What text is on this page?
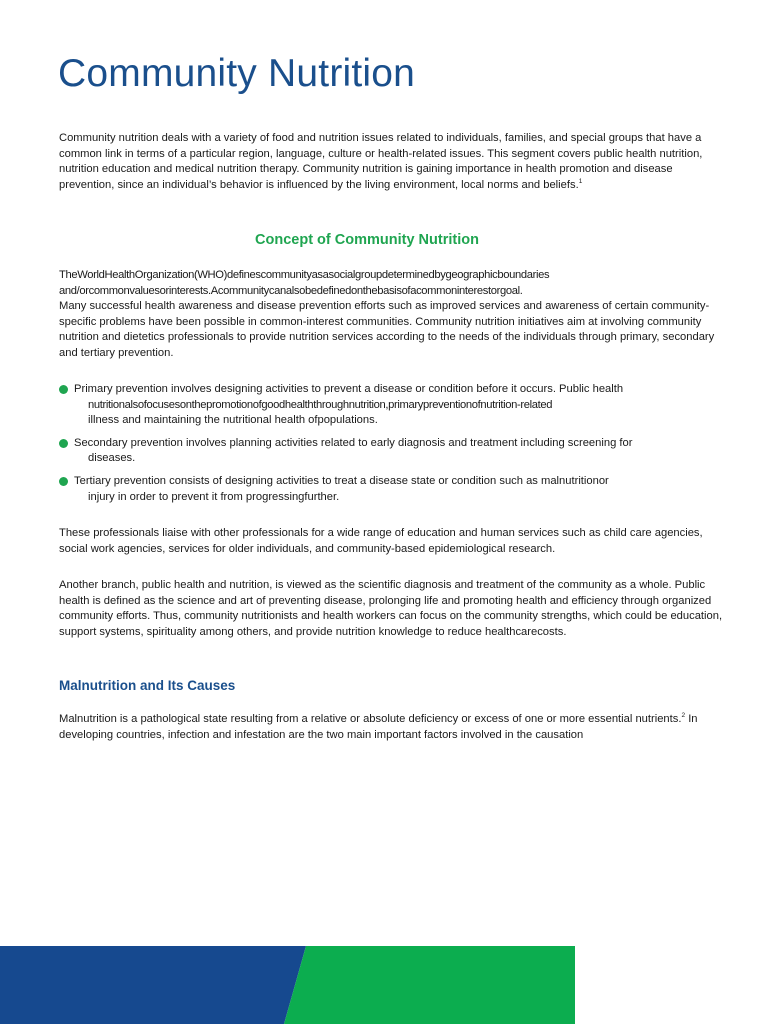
Community Nutrition

Community nutrition deals with a variety of food and nutrition issues related to individuals, families, and special groups that have a common link in terms of a particular region, language, culture or health-related issues. This segment covers public health nutrition, nutrition education and medical nutrition therapy. Community nutrition is gaining importance in health promotion and disease prevention, since an individual’s behavior is influenced by the living environment, local norms and beliefs.$^1$

Concept of Community Nutrition
TheWorldHealthOrganization(WHO)definescommunityasasocialgroupdeterminedbygeographicboundaries
and/orcommonvaluesorinterests.Acommunitycanalsobedefinedonthebasisofacommoninterestorgoal.
Many successful health awareness and disease prevention efforts such as improved services and awareness of certain community-specific problems have been possible in common-interest communities. Community nutrition initiatives aim at involving community nutrition and dietetics professionals to provide nutrition services according to the needs of the individuals through primary, secondary and tertiary prevention.
Primary prevention involves designing activities to prevent a disease or condition before it occurs. Public health
nutritionalsofocusesonthepromotionofgoodhealththroughnutrition,primarypreventionofnutrition-related
illness and maintaining the nutritional health ofpopulations.
Secondary prevention involves planning activities related to early diagnosis and treatment including screening for
diseases.
Tertiary prevention consists of designing activities to treat a disease state or condition such as malnutritionor
injury in order to prevent it from progressingfurther.

These professionals liaise with other professionals for a wide range of education and human services such as child care agencies, social work agencies, services for older individuals, and community-based epidemiological research.

Another branch, public health and nutrition, is viewed as the scientific diagnosis and treatment of the community as a whole. Public health is defined as the science and art of preventing disease, prolonging life and promoting health and efficiency through organized community efforts. Thus, community nutritionists and health workers can focus on the community strengths, which could be education, support systems, spirituality among others, and provide nutrition knowledge to reduce healthcarecosts.

Malnutrition and Its Causes

Malnutrition is a pathological state resulting from a relative or absolute deficiency or excess of one or more essential nutrients.$^2$ In developing countries, infection and infestation are the two main important factors involved in the causation
